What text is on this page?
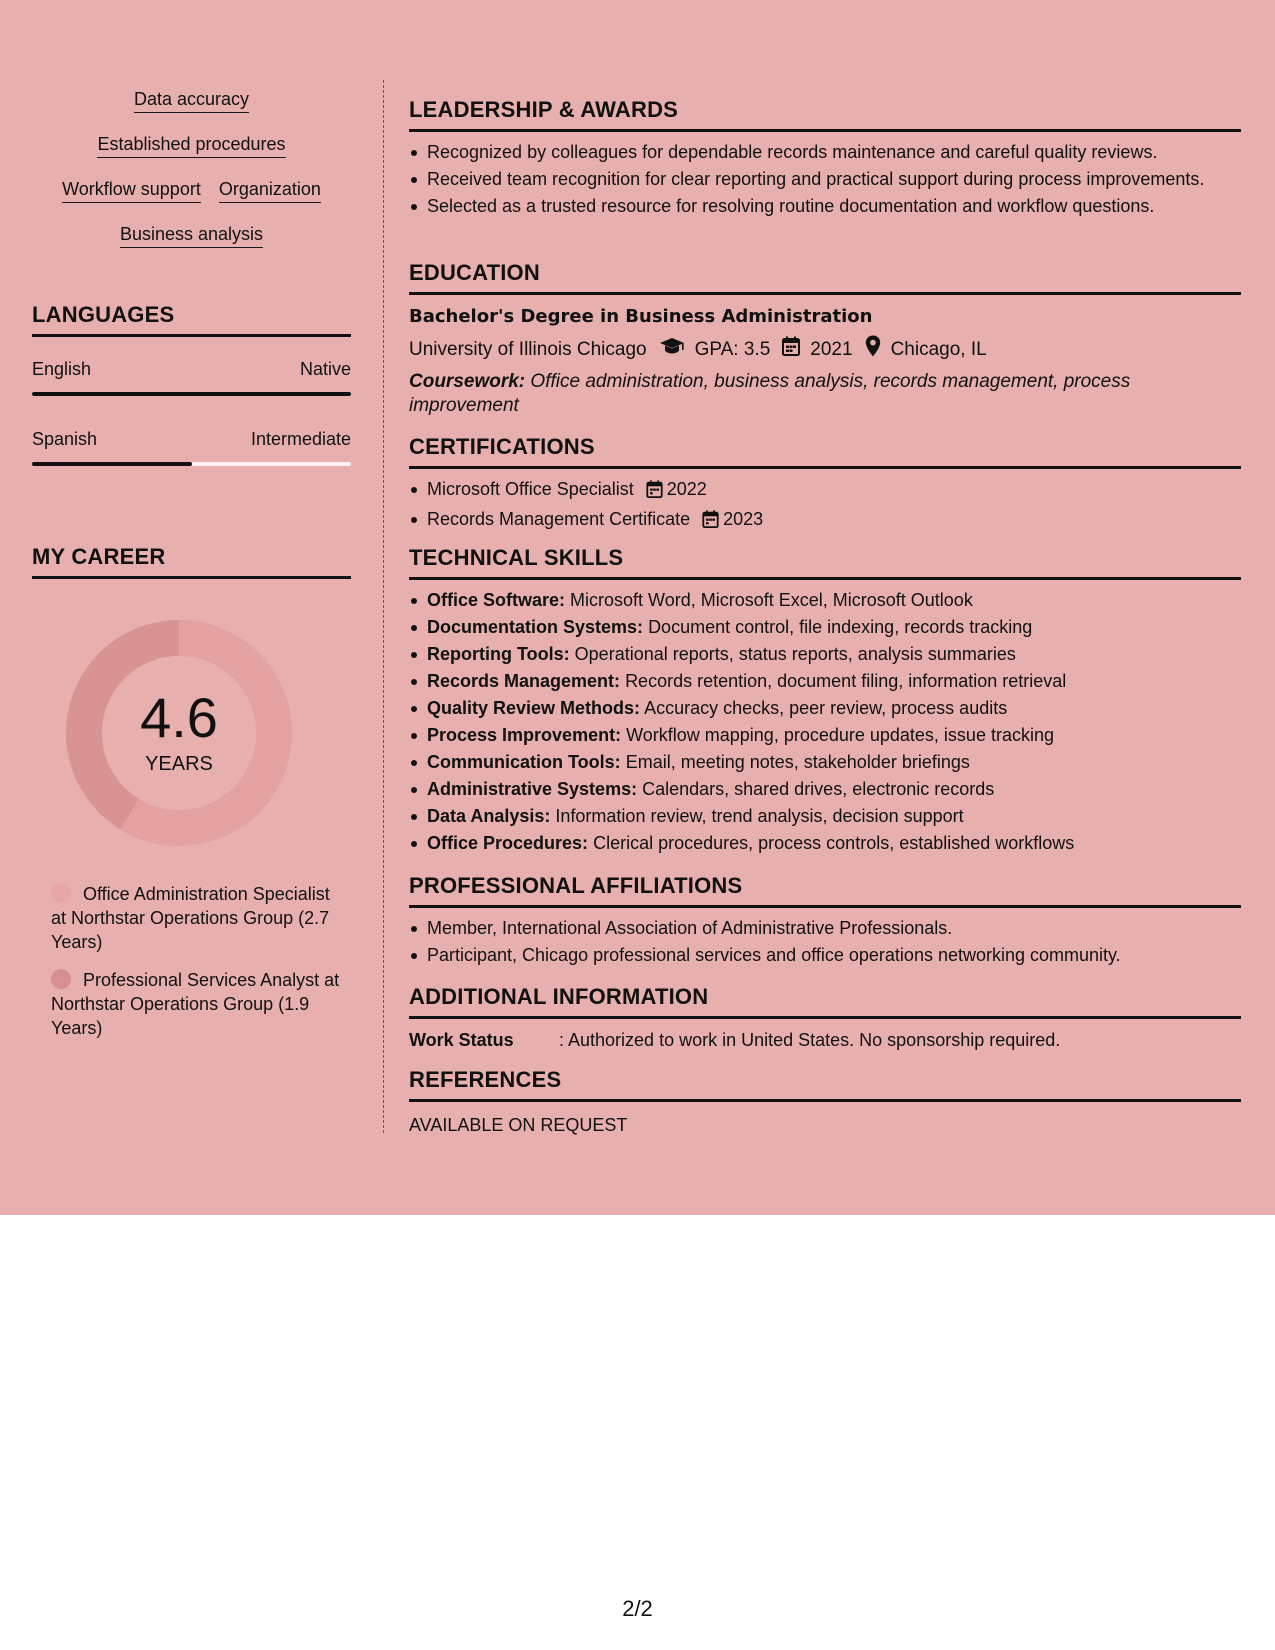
Data accuracy
Established procedures
Workflow support Organization
Business analysis
LANGUAGES
English	Native
Spanish	Intermediate
MY CAREER
4.6
YEARS
Office Administration Specialist at Northstar Operations Group (2.7 Years)
Professional Services Analyst at Northstar Operations Group (1.9 Years)
LEADERSHIP & AWARDS
Recognized by colleagues for dependable records maintenance and careful quality reviews.
Received team recognition for clear reporting and practical support during process improvements.
Selected as a trusted resource for resolving routine documentation and workflow questions.
EDUCATION
Bachelor's Degree in Business Administration
University of Illinois Chicago	GPA: 3.5 2021 Chicago, IL
Coursework: Office administration, business analysis, records management, process improvement
CERTIFICATIONS
Microsoft Office Specialist 2022
Records Management Certificate 2023
TECHNICAL SKILLS
Office Software: Microsoft Word, Microsoft Excel, Microsoft Outlook
Documentation Systems: Document control, file indexing, records tracking
Reporting Tools: Operational reports, status reports, analysis summaries
Records Management: Records retention, document filing, information retrieval
Quality Review Methods: Accuracy checks, peer review, process audits
Process Improvement: Workflow mapping, procedure updates, issue tracking
Communication Tools: Email, meeting notes, stakeholder briefings
Administrative Systems: Calendars, shared drives, electronic records
Data Analysis: Information review, trend analysis, decision support
Office Procedures: Clerical procedures, process controls, established workflows
PROFESSIONAL AFFILIATIONS
Member, International Association of Administrative Professionals.
Participant, Chicago professional services and office operations networking community.
ADDITIONAL INFORMATION
Work Status	: Authorized to work in United States. No sponsorship required.
REFERENCES
AVAILABLE ON REQUEST
2/2
